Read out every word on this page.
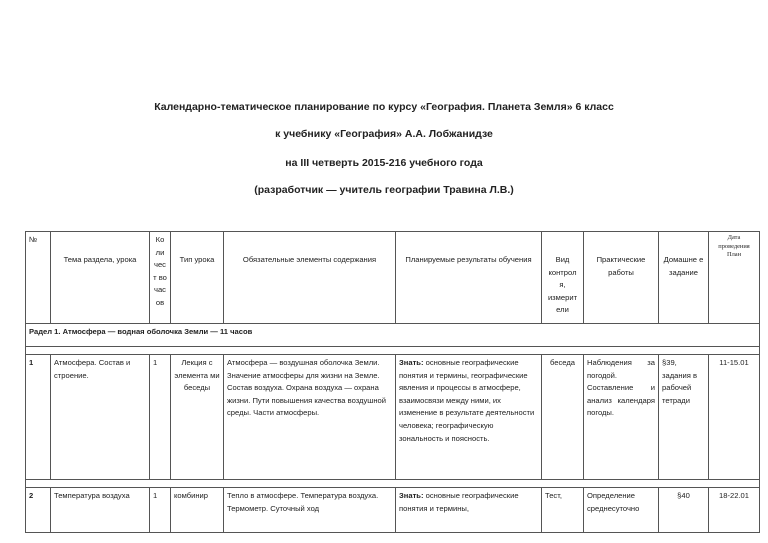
Календарно-тематическое планирование по курсу «География. Планета Земля» 6 класс
к учебнику «География» А.А. Лобжанидзе
на III четверть 2015-216 учебного года
(разработчик — учитель географии Травина Л.В.)
№	Тема раздела, урока	Ко ли чест во час ов	Тип урока	Обязательные элементы содержания	Планируемые результаты обучения	Вид контрол я, измерит ели	Практические работы	Домашне е задание	Дата проведения План
Радел 1. Атмосфера — водная оболочка Земли — 11 часов									

1	Атмосфера. Состав и строение.	1	Лекция с элемента ми беседы	Атмосфера — воздушная оболочка Земли. Значение атмосферы для жизни на Земле. Состав воздуха. Охрана воздуха — охрана жизни. Пути повышения качества воздушной среды. Части атмосферы.	Знать: основные географические понятия и термины, географические явления и процессы в атмосфере, взаимосвязи между ними, их изменение в результате деятельности человека; географическую зональность и поясность.	беседа	Наблюдения за погодой. Составление и анализ календаря погоды.	§39, задания в рабочей тетради	11-15.01

2	Температура воздуха	1	комбинир	Тепло в атмосфере. Температура воздуха. Термометр. Суточный ход	Знать: основные географические понятия и термины,	Тест,	Определение среднесуточно	§40	18-22.01
